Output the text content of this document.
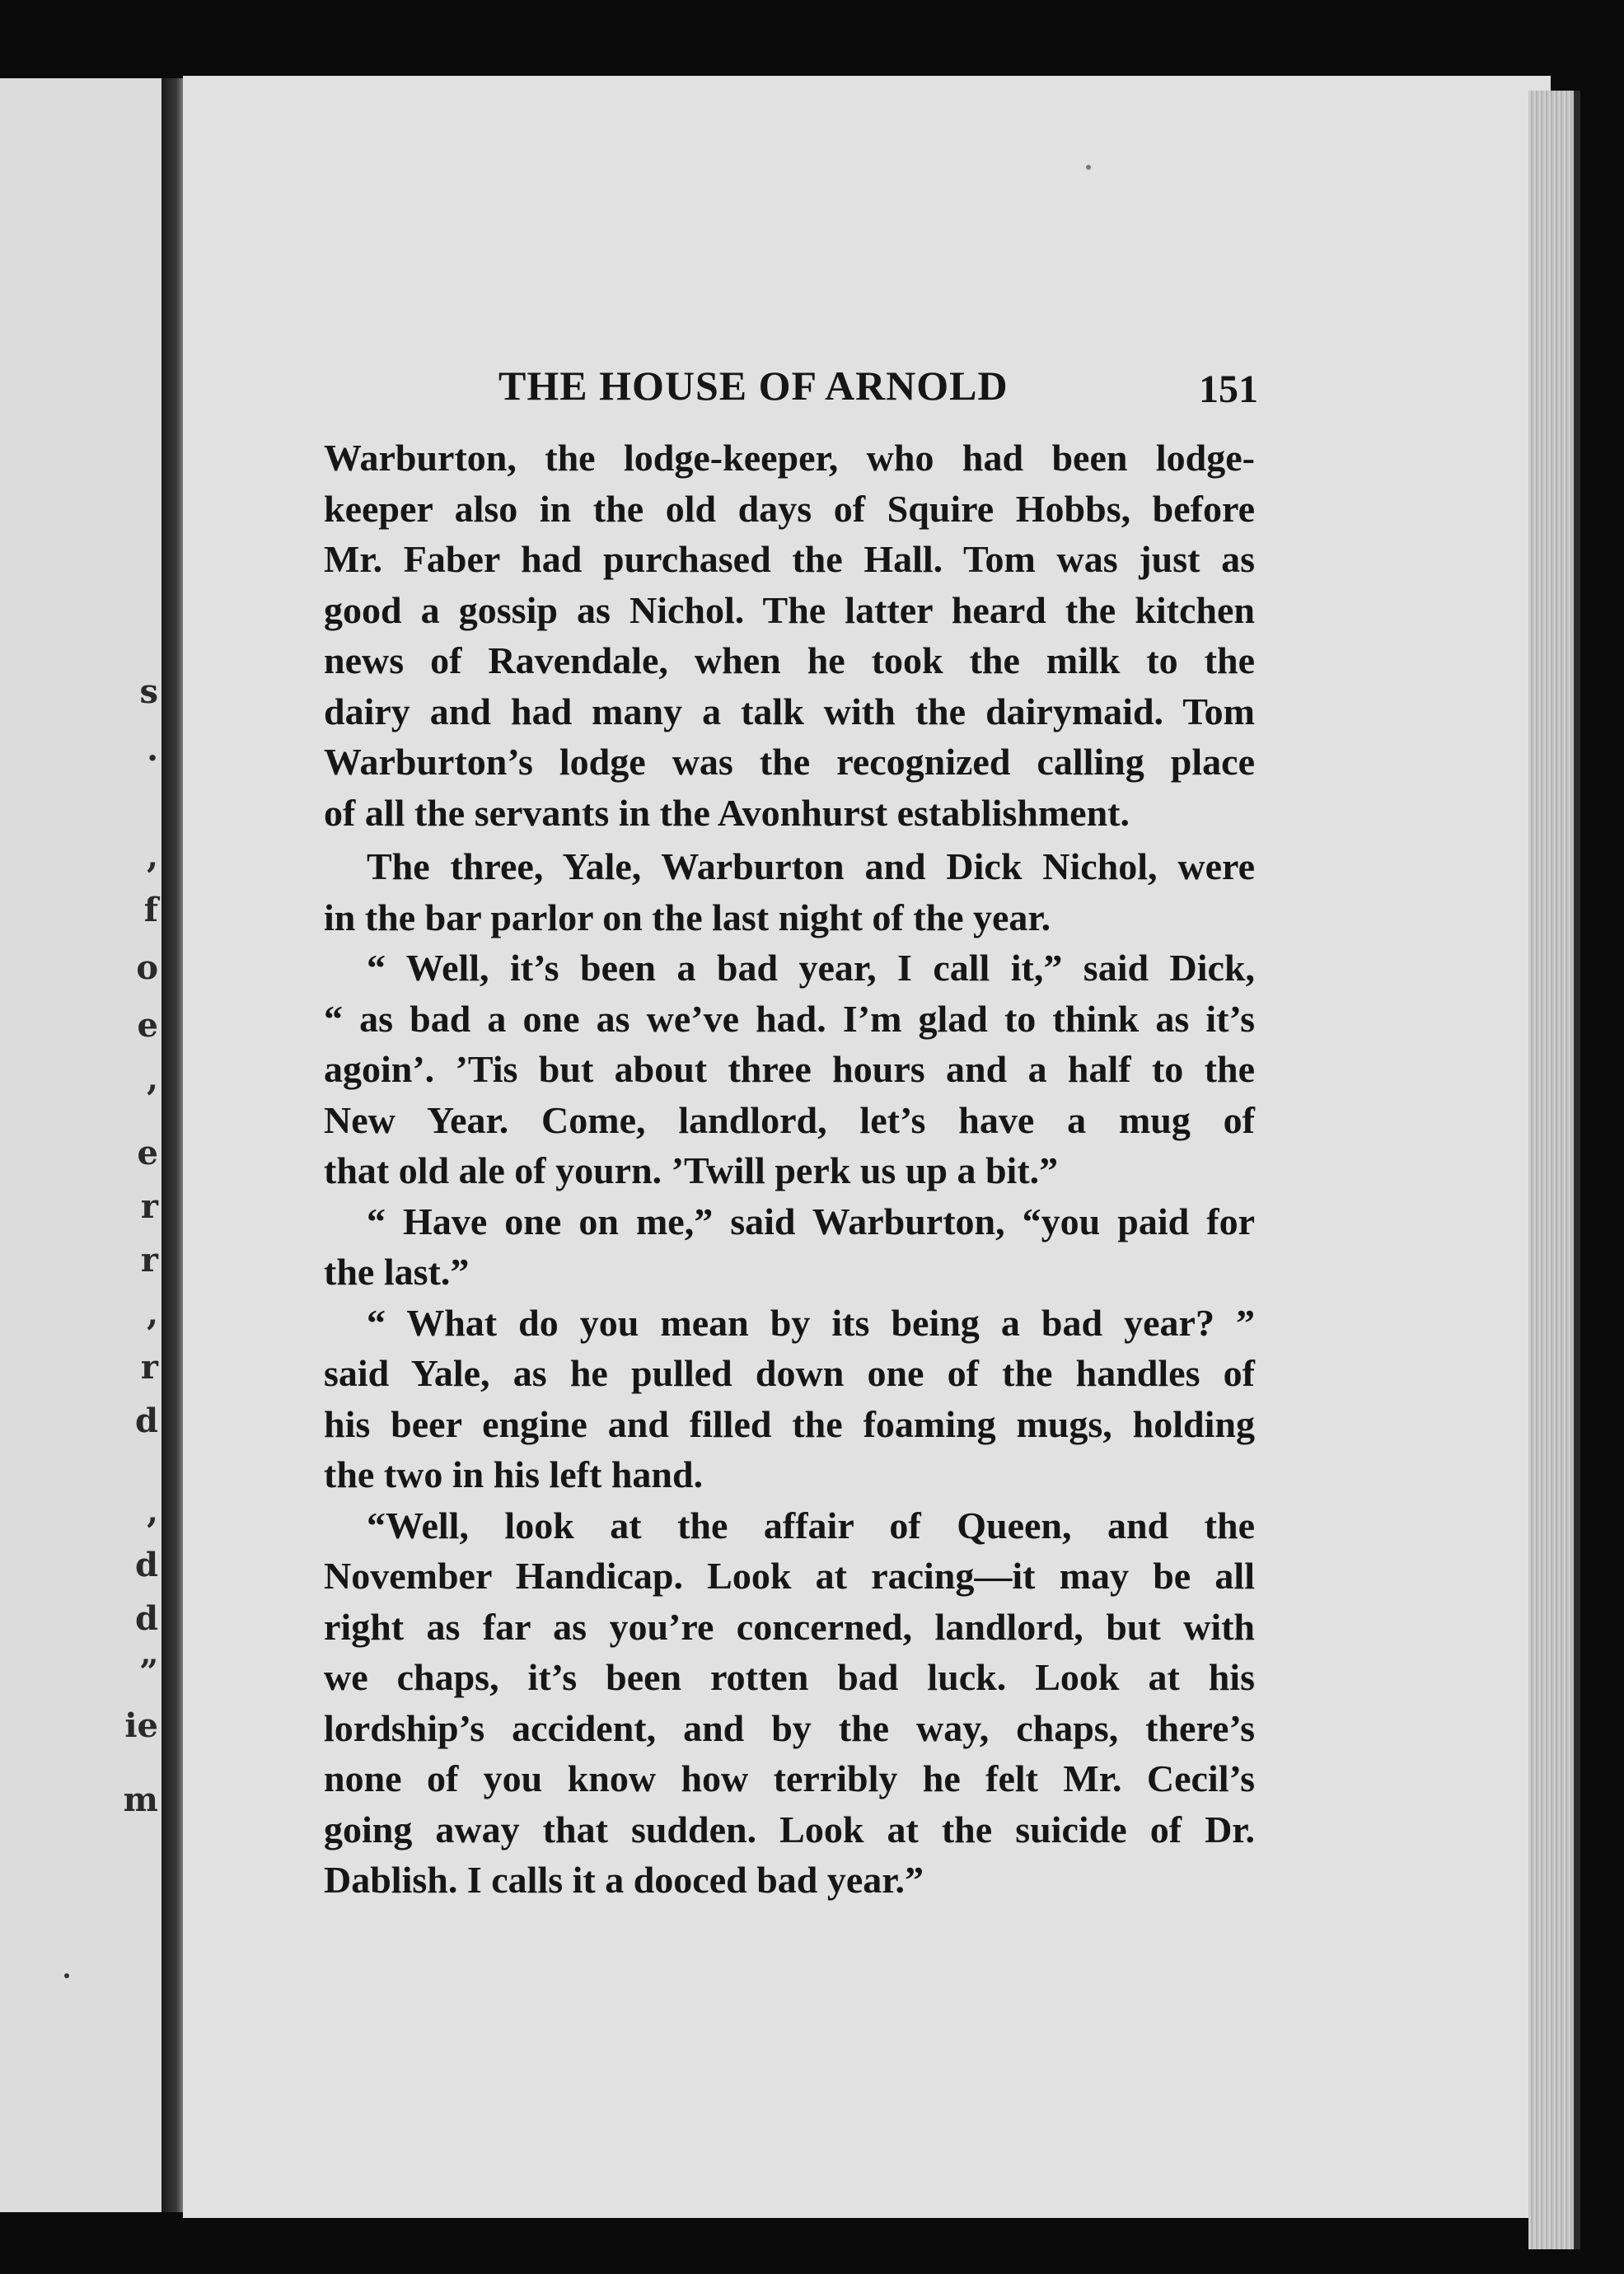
s
.
,
f
o
e
,
e
r
r
,
r
d
,
d
d
”
ie
m
THE HOUSE OF ARNOLD	151
Warburton, the lodge-keeper, who had been lodge-
keeper also in the old days of Squire Hobbs, before
Mr. Faber had purchased the Hall. Tom was just as
good a gossip as Nichol. The latter heard the kitchen
news of Ravendale, when he took the milk to the
dairy and had many a talk with the dairymaid. Tom
Warburton’s lodge was the recognized calling place
of all the servants in the Avonhurst establishment.
The three, Yale, Warburton and Dick Nichol, were
in the bar parlor on the last night of the year.
“ Well, it’s been a bad year, I call it,” said Dick,
“ as bad a one as we’ve had. I’m glad to think as it’s
agoin’. ’Tis but about three hours and a half to the
New Year. Come, landlord, let’s have a mug of
that old ale of yourn. ’Twill perk us up a bit.”
“ Have one on me,” said Warburton, “you paid for
the last.”
“ What do you mean by its being a bad year? ”
said Yale, as he pulled down one of the handles of
his beer engine and filled the foaming mugs, holding
the two in his left hand.
“Well, look at the affair of Queen, and the
November Handicap. Look at racing—it may be all
right as far as you’re concerned, landlord, but with
we chaps, it’s been rotten bad luck. Look at his
lordship’s accident, and by the way, chaps, there’s
none of you know how terribly he felt Mr. Cecil’s
going away that sudden. Look at the suicide of Dr.
Dablish. I calls it a dooced bad year.”
